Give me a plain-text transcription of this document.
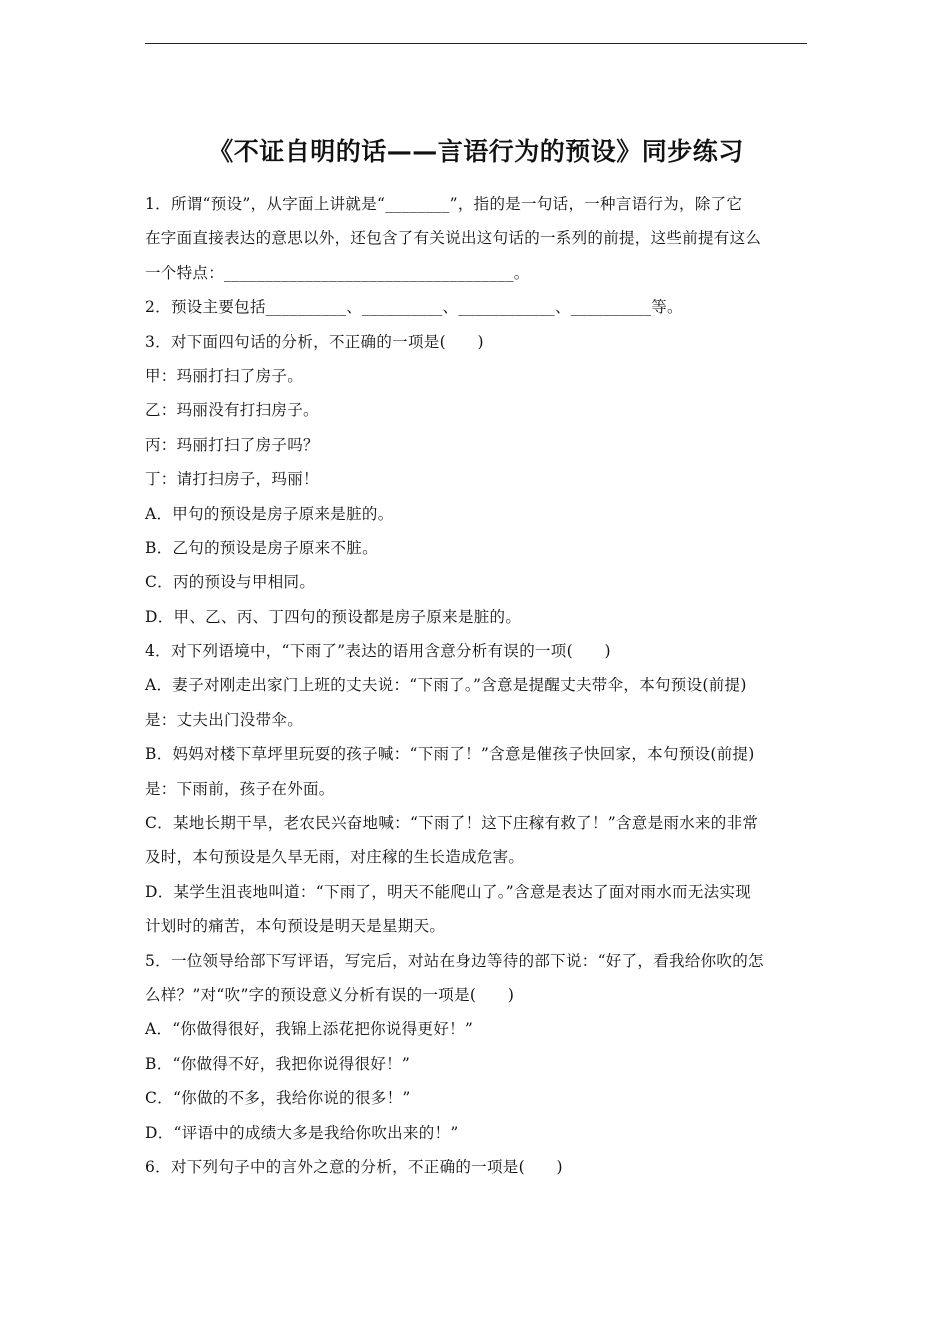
《不证自明的话——言语行为的预设》同步练习
1．所谓“预设”，从字面上讲就是“________”，指的是一句话，一种言语行为，除了它
在字面直接表达的意思以外，还包含了有关说出这句话的一系列的前提，这些前提有这么
一个特点：____________________________________。
2．预设主要包括__________、__________、____________、__________等。
3．对下面四句话的分析，不正确的一项是(　　)
甲：玛丽打扫了房子。
乙：玛丽没有打扫房子。
丙：玛丽打扫了房子吗？
丁：请打扫房子，玛丽！
A．甲句的预设是房子原来是脏的。
B．乙句的预设是房子原来不脏。
C．丙的预设与甲相同。
D．甲、乙、丙、丁四句的预设都是房子原来是脏的。
4．对下列语境中，“下雨了”表达的语用含意分析有误的一项(　　)
A．妻子对刚走出家门上班的丈夫说：“下雨了。”含意是提醒丈夫带伞，本句预设(前提)
是：丈夫出门没带伞。
B．妈妈对楼下草坪里玩耍的孩子喊：“下雨了！”含意是催孩子快回家，本句预设(前提)
是：下雨前，孩子在外面。
C．某地长期干旱，老农民兴奋地喊：“下雨了！这下庄稼有救了！”含意是雨水来的非常
及时，本句预设是久旱无雨，对庄稼的生长造成危害。
D．某学生沮丧地叫道：“下雨了，明天不能爬山了。”含意是表达了面对雨水而无法实现
计划时的痛苦，本句预设是明天是星期天。
5．一位领导给部下写评语，写完后，对站在身边等待的部下说：“好了，看我给你吹的怎
么样？”对“吹”字的预设意义分析有误的一项是(　　)
A．“你做得很好，我锦上添花把你说得更好！”
B．“你做得不好，我把你说得很好！”
C．“你做的不多，我给你说的很多！”
D．“评语中的成绩大多是我给你吹出来的！”
6．对下列句子中的言外之意的分析，不正确的一项是(　　)
